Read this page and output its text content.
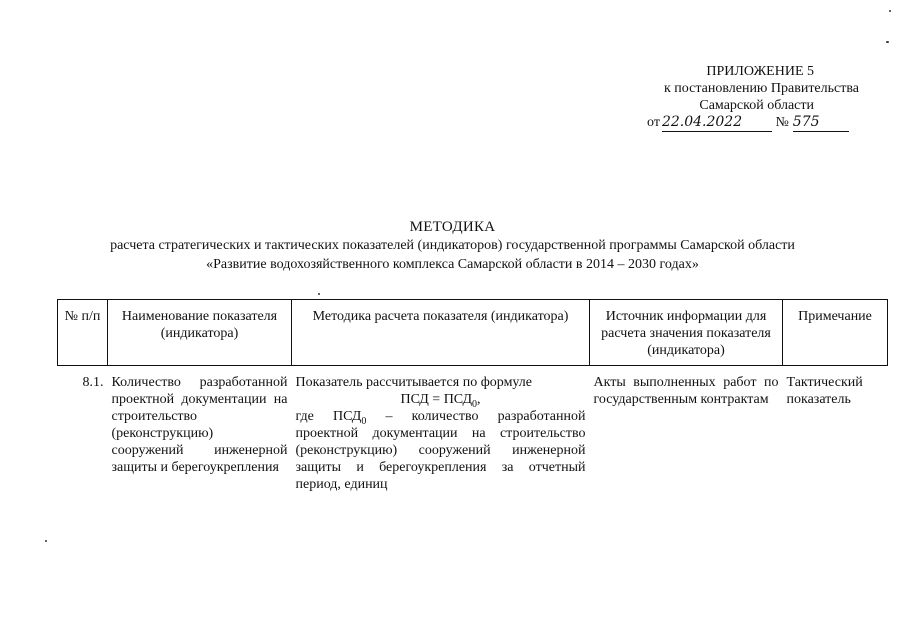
ПРИЛОЖЕНИЕ 5
к постановлению Правительства
Самарской области
от 22.04.2022 № 575
МЕТОДИКА
расчета стратегических и тактических показателей (индикаторов) государственной программы Самарской области
«Развитие водохозяйственного комплекса Самарской области в 2014 – 2030 годах»
№ п/п	Наименование показателя (индикатора)	Методика расчета показателя (индикатора)	Источник информации для расчета значения показателя (индикатора)	Примечание
8.1.	Количество разработанной проектной документации на строительство (реконструкцию) сооружений инженерной защиты и берегоукрепления	Показатель рассчитывается по формуле
ПСД = $ПСД_0$,
где $ПСД_0$ – количество разработанной проектной документации на строительство (реконструкцию) сооружений инженерной защиты и берегоукрепления за отчетный период, единиц	Акты выполненных работ по государственным контрактам	Тактический показатель
